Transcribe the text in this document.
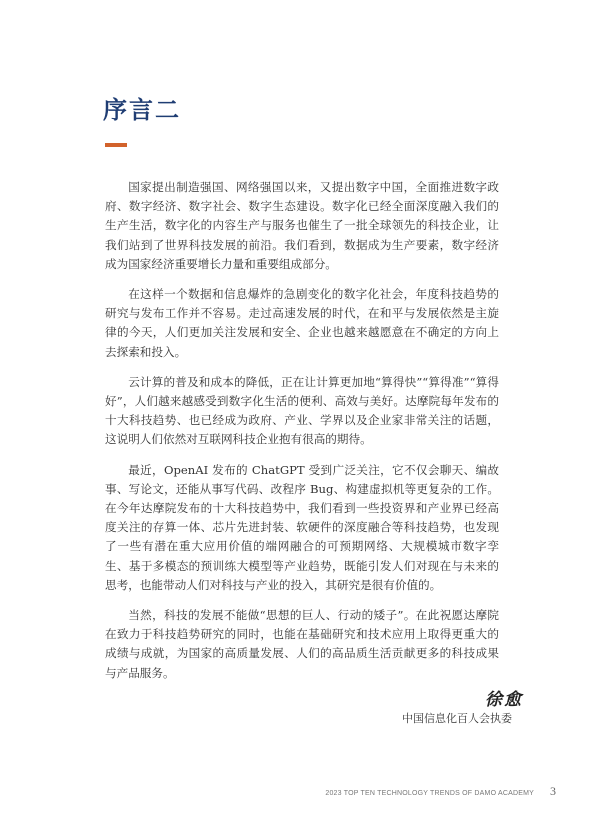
序言二

国家提出制造强国、网络强国以来，又提出数字中国，全面推进数字政府、数字经济、数字社会、数字生态建设。数字化已经全面深度融入我们的生产生活，数字化的内容生产与服务也催生了一批全球领先的科技企业，让我们站到了世界科技发展的前沿。我们看到，数据成为生产要素，数字经济成为国家经济重要增长力量和重要组成部分。

在这样一个数据和信息爆炸的急剧变化的数字化社会，年度科技趋势的研究与发布工作并不容易。走过高速发展的时代，在和平与发展依然是主旋律的今天，人们更加关注发展和安全、企业也越来越愿意在不确定的方向上去探索和投入。

云计算的普及和成本的降低，正在让计算更加地“算得快”“算得准”“算得好”，人们越来越感受到数字化生活的便利、高效与美好。达摩院每年发布的十大科技趋势、也已经成为政府、产业、学界以及企业家非常关注的话题，这说明人们依然对互联网科技企业抱有很高的期待。

最近，OpenAI 发布的 ChatGPT 受到广泛关注，它不仅会聊天、编故事、写论文，还能从事写代码、改程序 Bug、构建虚拟机等更复杂的工作。在今年达摩院发布的十大科技趋势中，我们看到一些投资界和产业界已经高度关注的存算一体、芯片先进封装、软硬件的深度融合等科技趋势，也发现了一些有潜在重大应用价值的端网融合的可预期网络、大规模城市数字孪生、基于多模态的预训练大模型等产业趋势，既能引发人们对现在与未来的思考，也能带动人们对科技与产业的投入，其研究是很有价值的。

当然，科技的发展不能做“思想的巨人、行动的矮子”。在此祝愿达摩院在致力于科技趋势研究的同时，也能在基础研究和技术应用上取得更重大的成绩与成就，为国家的高质量发展、人们的高品质生活贡献更多的科技成果与产品服务。

徐愈
中国信息化百人会执委
2023 TOP TEN TECHNOLOGY TRENDS OF DAMO ACADEMY 3
